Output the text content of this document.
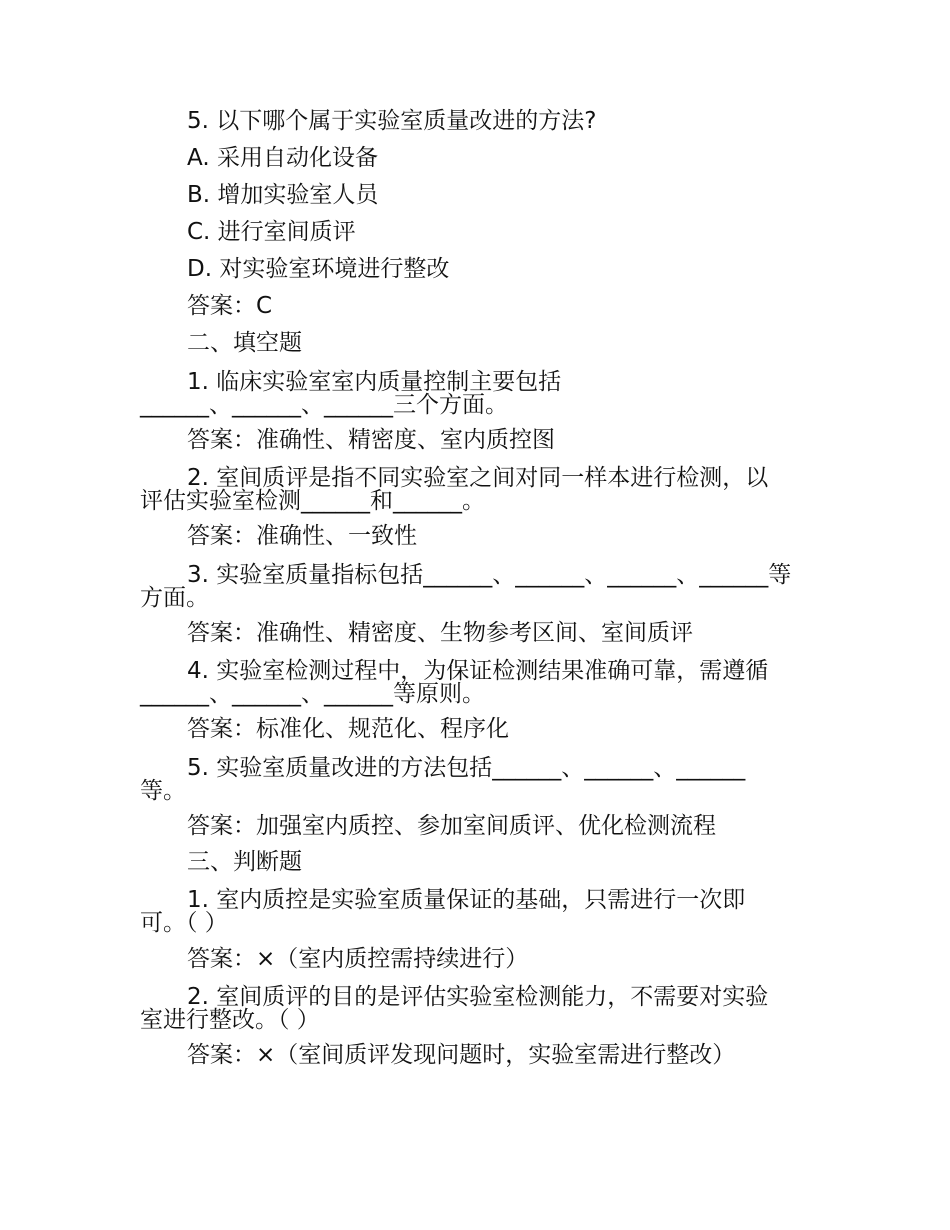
5. 以下哪个属于实验室质量改进的方法?
A. 采用自动化设备
B. 增加实验室人员
C. 进行室间质评
D. 对实验室环境进行整改
答案：C
二、填空题
1. 临床实验室室内质量控制主要包括
______、______、______三个方面。
答案：准确性、精密度、室内质控图
2. 室间质评是指不同实验室之间对同一样本进行检测，以
评估实验室检测______和______。
答案：准确性、一致性
3. 实验室质量指标包括______、______、______、______等
方面。
答案：准确性、精密度、生物参考区间、室间质评
4. 实验室检测过程中，为保证检测结果准确可靠，需遵循
______、______、______等原则。
答案：标准化、规范化、程序化
5. 实验室质量改进的方法包括______、______、______
等。
答案：加强室内质控、参加室间质评、优化检测流程
三、判断题
1. 室内质控是实验室质量保证的基础，只需进行一次即
可。（ ）
答案：×（室内质控需持续进行）
2. 室间质评的目的是评估实验室检测能力，不需要对实验
室进行整改。（ ）
答案：×（室间质评发现问题时，实验室需进行整改）
